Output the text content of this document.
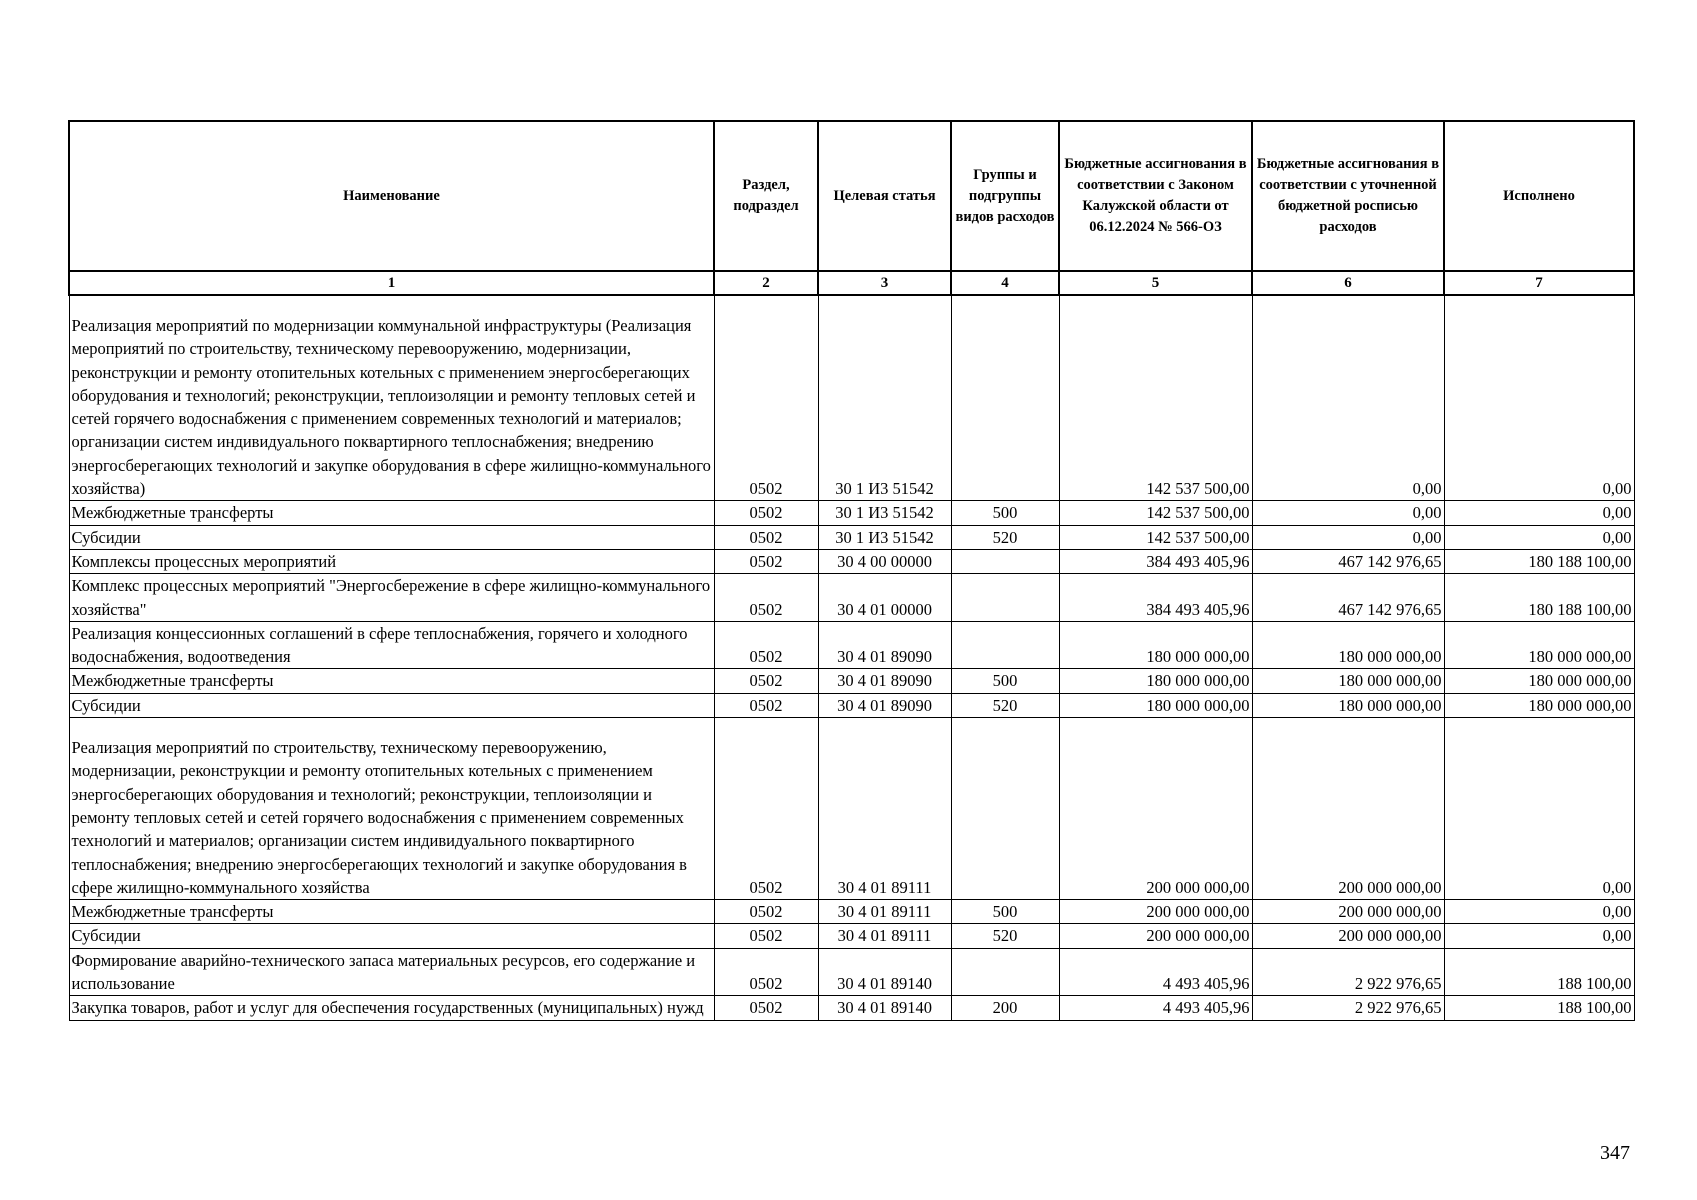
Наименование	Раздел, подраздел	Целевая статья	Группы и подгруппы видов расходов	Бюджетные ассигнования в соответствии с Законом Калужской области от 06.12.2024 № 566-ОЗ	Бюджетные ассигнования в соответствии с уточненной бюджетной росписью расходов	Исполнено
1	2	3	4	5	6	7
Реализация мероприятий по модернизации коммунальной инфраструктуры (Реализация мероприятий по строительству, техническому перевооружению, модернизации, реконструкции и ремонту отопительных котельных с применением энергосберегающих оборудования и технологий; реконструкции, теплоизоляции и ремонту тепловых сетей и сетей горячего водоснабжения с применением современных технологий и материалов; организации систем индивидуального поквартирного теплоснабжения; внедрению энергосберегающих технологий и закупке оборудования в сфере жилищно-коммунального хозяйства)	0502	30 1 И3 51542		142 537 500,00	0,00	0,00
Межбюджетные трансферты	0502	30 1 И3 51542	500	142 537 500,00	0,00	0,00
Субсидии	0502	30 1 И3 51542	520	142 537 500,00	0,00	0,00
Комплексы процессных мероприятий	0502	30 4 00 00000		384 493 405,96	467 142 976,65	180 188 100,00
Комплекс процессных мероприятий "Энергосбережение в сфере жилищно-коммунального хозяйства"	0502	30 4 01 00000		384 493 405,96	467 142 976,65	180 188 100,00
Реализация концессионных соглашений в сфере теплоснабжения, горячего и холодного водоснабжения, водоотведения	0502	30 4 01 89090		180 000 000,00	180 000 000,00	180 000 000,00
Межбюджетные трансферты	0502	30 4 01 89090	500	180 000 000,00	180 000 000,00	180 000 000,00
Субсидии	0502	30 4 01 89090	520	180 000 000,00	180 000 000,00	180 000 000,00
Реализация мероприятий по строительству, техническому перевооружению, модернизации, реконструкции и ремонту отопительных котельных с применением энергосберегающих оборудования и технологий; реконструкции, теплоизоляции и ремонту тепловых сетей и сетей горячего водоснабжения с применением современных технологий и материалов; организации систем индивидуального поквартирного теплоснабжения; внедрению энергосберегающих технологий и закупке оборудования в сфере жилищно-коммунального хозяйства	0502	30 4 01 89111		200 000 000,00	200 000 000,00	0,00
Межбюджетные трансферты	0502	30 4 01 89111	500	200 000 000,00	200 000 000,00	0,00
Субсидии	0502	30 4 01 89111	520	200 000 000,00	200 000 000,00	0,00
Формирование аварийно-технического запаса материальных ресурсов, его содержание и использование	0502	30 4 01 89140		4 493 405,96	2 922 976,65	188 100,00
Закупка товаров, работ и услуг для обеспечения государственных (муниципальных) нужд	0502	30 4 01 89140	200	4 493 405,96	2 922 976,65	188 100,00
347
